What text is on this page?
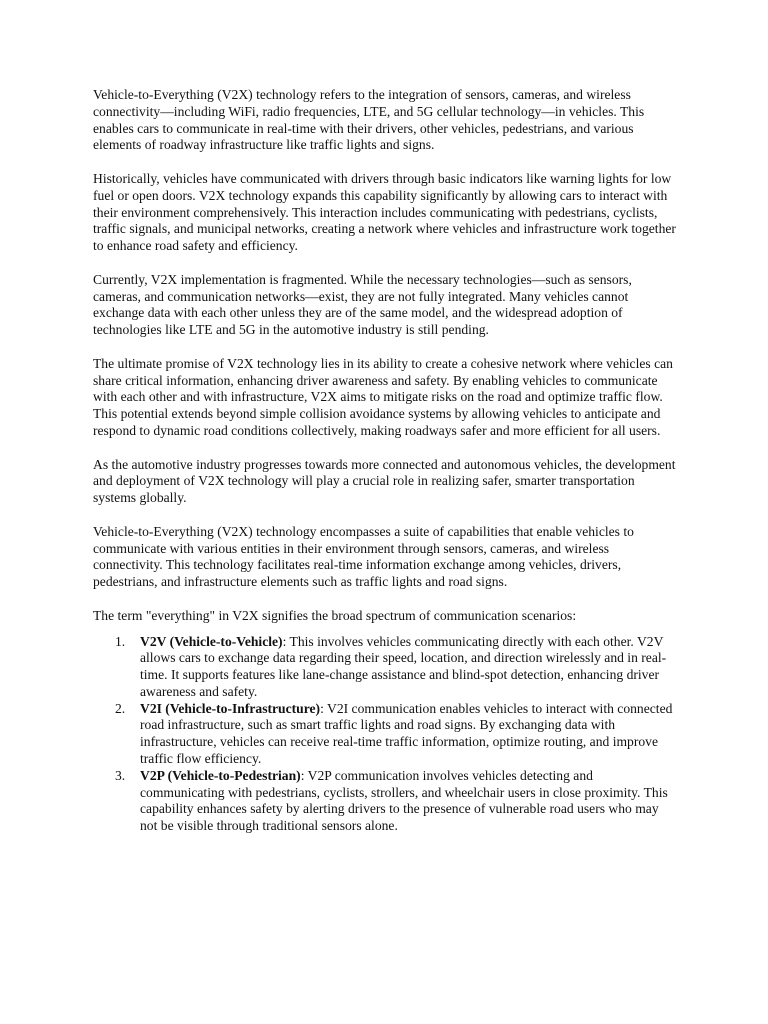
Vehicle-to-Everything (V2X) technology refers to the integration of sensors, cameras, and wireless connectivity—including WiFi, radio frequencies, LTE, and 5G cellular technology—in vehicles. This enables cars to communicate in real-time with their drivers, other vehicles, pedestrians, and various elements of roadway infrastructure like traffic lights and signs.

Historically, vehicles have communicated with drivers through basic indicators like warning lights for low fuel or open doors. V2X technology expands this capability significantly by allowing cars to interact with their environment comprehensively. This interaction includes communicating with pedestrians, cyclists, traffic signals, and municipal networks, creating a network where vehicles and infrastructure work together to enhance road safety and efficiency.

Currently, V2X implementation is fragmented. While the necessary technologies—such as sensors, cameras, and communication networks—exist, they are not fully integrated. Many vehicles cannot exchange data with each other unless they are of the same model, and the widespread adoption of technologies like LTE and 5G in the automotive industry is still pending.

The ultimate promise of V2X technology lies in its ability to create a cohesive network where vehicles can share critical information, enhancing driver awareness and safety. By enabling vehicles to communicate with each other and with infrastructure, V2X aims to mitigate risks on the road and optimize traffic flow. This potential extends beyond simple collision avoidance systems by allowing vehicles to anticipate and respond to dynamic road conditions collectively, making roadways safer and more efficient for all users.

As the automotive industry progresses towards more connected and autonomous vehicles, the development and deployment of V2X technology will play a crucial role in realizing safer, smarter transportation systems globally.

Vehicle-to-Everything (V2X) technology encompasses a suite of capabilities that enable vehicles to communicate with various entities in their environment through sensors, cameras, and wireless connectivity. This technology facilitates real-time information exchange among vehicles, drivers, pedestrians, and infrastructure elements such as traffic lights and road signs.

The term "everything" in V2X signifies the broad spectrum of communication scenarios:

1. V2V (Vehicle-to-Vehicle): This involves vehicles communicating directly with each other. V2V allows cars to exchange data regarding their speed, location, and direction wirelessly and in real-time. It supports features like lane-change assistance and blind-spot detection, enhancing driver awareness and safety.
2. V2I (Vehicle-to-Infrastructure): V2I communication enables vehicles to interact with connected road infrastructure, such as smart traffic lights and road signs. By exchanging data with infrastructure, vehicles can receive real-time traffic information, optimize routing, and improve traffic flow efficiency.
3. V2P (Vehicle-to-Pedestrian): V2P communication involves vehicles detecting and communicating with pedestrians, cyclists, strollers, and wheelchair users in close proximity. This capability enhances safety by alerting drivers to the presence of vulnerable road users who may not be visible through traditional sensors alone.
